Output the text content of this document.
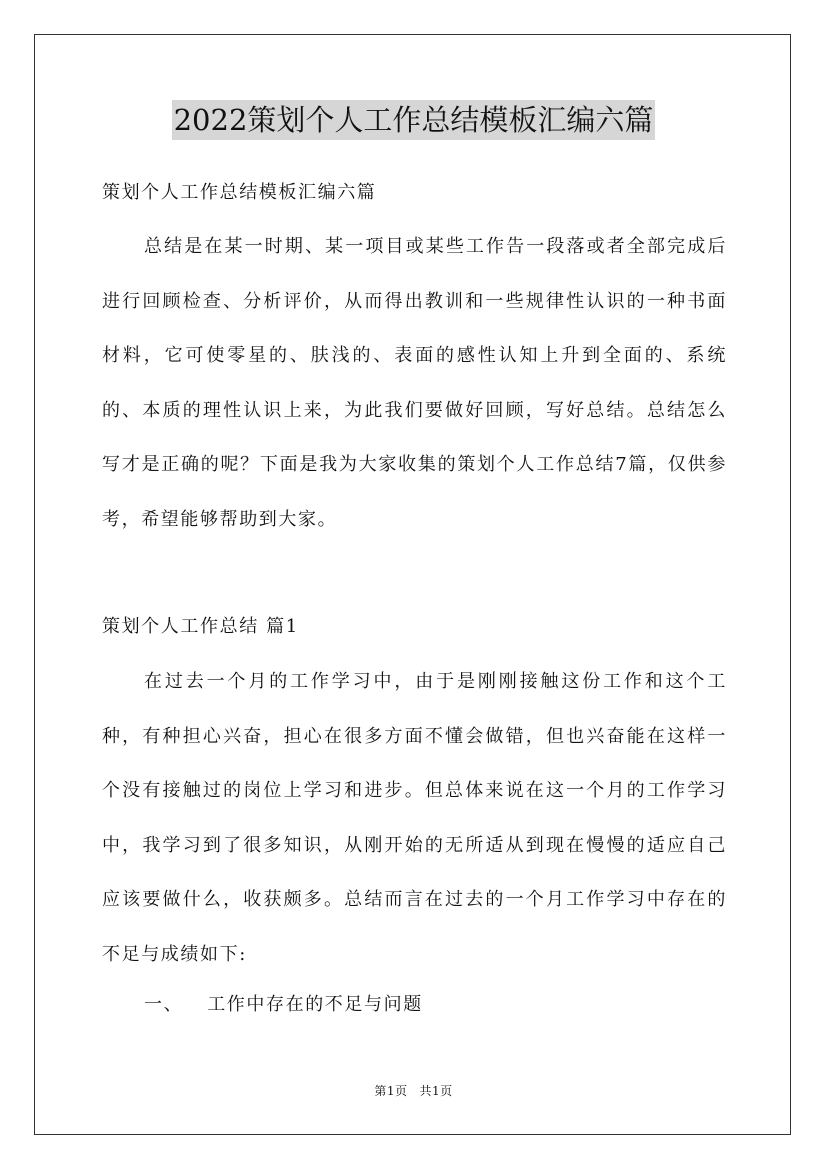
2022策划个人工作总结模板汇编六篇

策划个人工作总结模板汇编六篇

总结是在某一时期、某一项目或某些工作告一段落或者全部完成后进行回顾检查、分析评价，从而得出教训和一些规律性认识的一种书面材料，它可使零星的、肤浅的、表面的感性认知上升到全面的、系统的、本质的理性认识上来，为此我们要做好回顾，写好总结。总结怎么写才是正确的呢？下面是我为大家收集的策划个人工作总结7篇，仅供参考，希望能够帮助到大家。

策划个人工作总结 篇1

在过去一个月的工作学习中，由于是刚刚接触这份工作和这个工种，有种担心兴奋，担心在很多方面不懂会做错，但也兴奋能在这样一个没有接触过的岗位上学习和进步。但总体来说在这一个月的工作学习中，我学习到了很多知识，从刚开始的无所适从到现在慢慢的适应自己应该要做什么，收获颇多。总结而言在过去的一个月工作学习中存在的不足与成绩如下:

一、 工作中存在的不足与问题

第1页 共1页
